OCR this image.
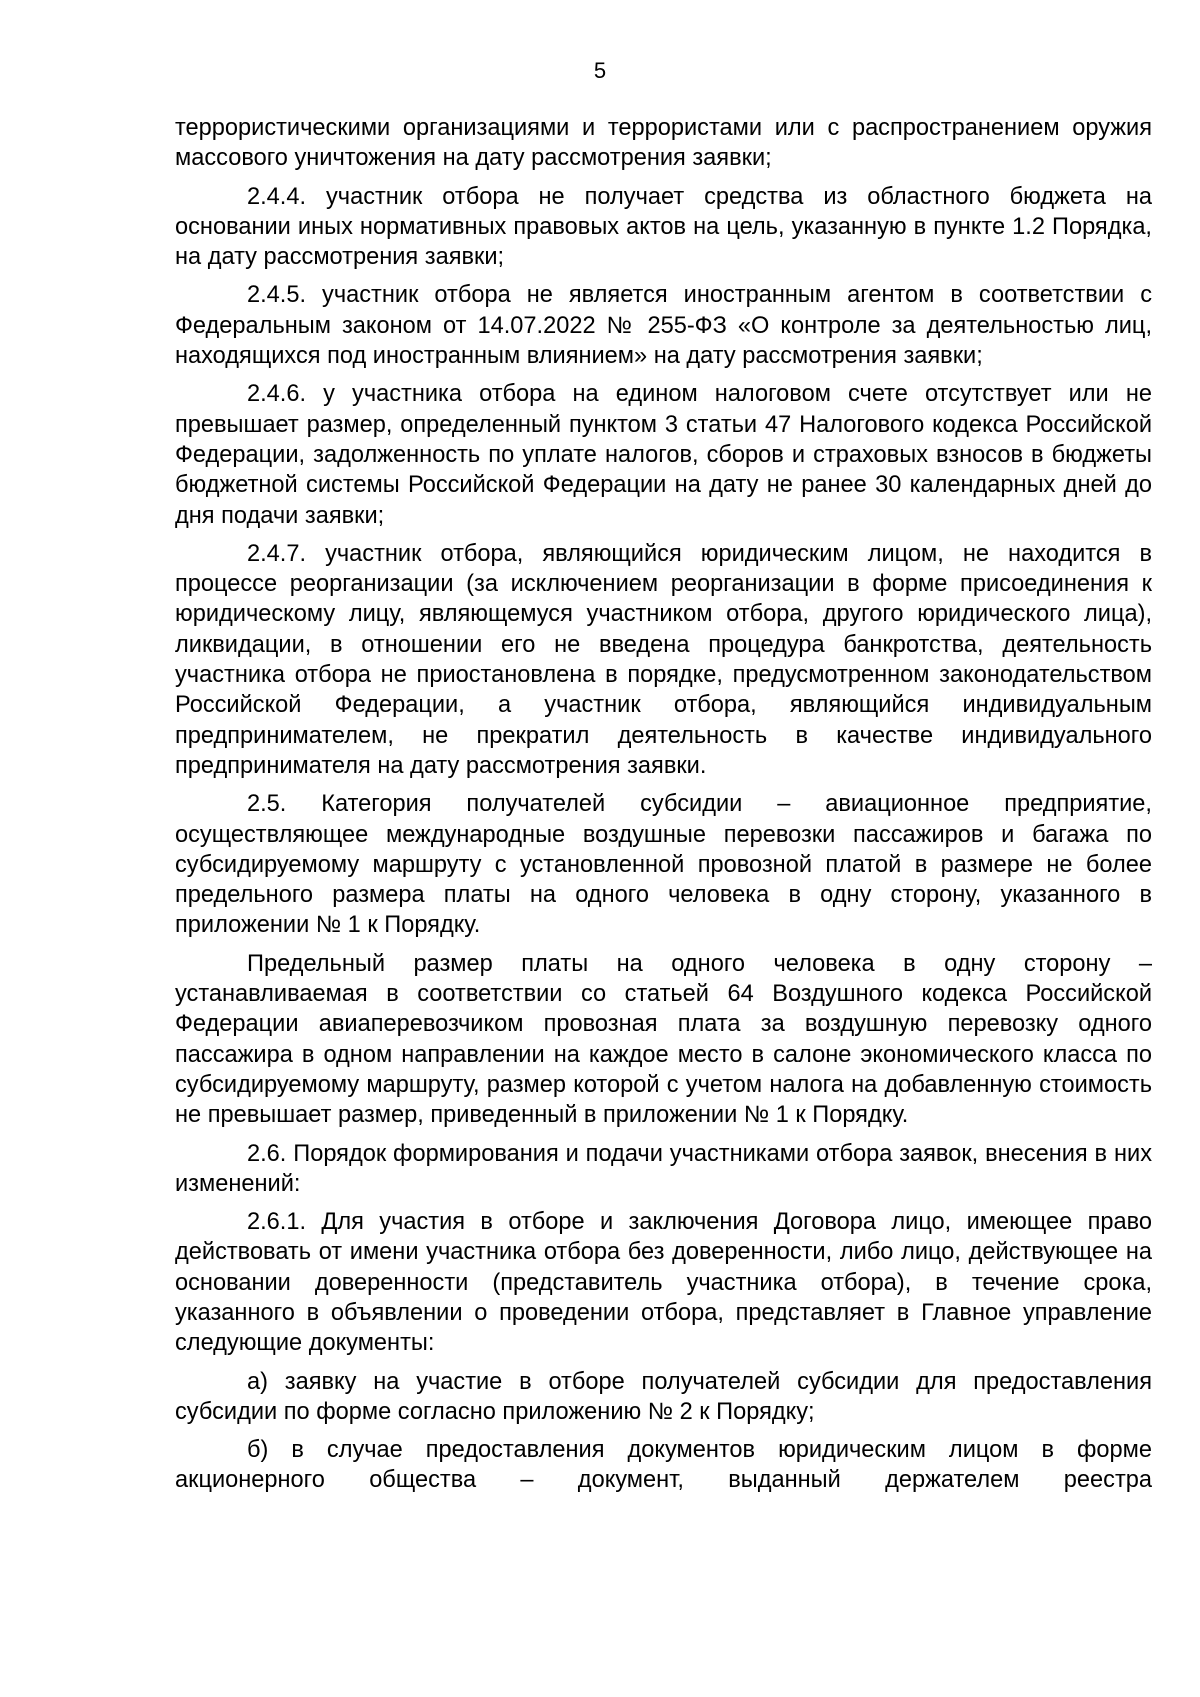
5

террористическими организациями и террористами или с распространением оружия массового уничтожения на дату рассмотрения заявки;

2.4.4. участник отбора не получает средства из областного бюджета на основании иных нормативных правовых актов на цель, указанную в пункте 1.2 Порядка, на дату рассмотрения заявки;

2.4.5. участник отбора не является иностранным агентом в соответствии с Федеральным законом от 14.07.2022 № 255-ФЗ «О контроле за деятельностью лиц, находящихся под иностранным влиянием» на дату рассмотрения заявки;

2.4.6. у участника отбора на едином налоговом счете отсутствует или не превышает размер, определенный пунктом 3 статьи 47 Налогового кодекса Российской Федерации, задолженность по уплате налогов, сборов и страховых взносов в бюджеты бюджетной системы Российской Федерации на дату не ранее 30 календарных дней до дня подачи заявки;

2.4.7. участник отбора, являющийся юридическим лицом, не находится в процессе реорганизации (за исключением реорганизации в форме присоединения к юридическому лицу, являющемуся участником отбора, другого юридического лица), ликвидации, в отношении его не введена процедура банкротства, деятельность участника отбора не приостановлена в порядке, предусмотренном законодательством Российской Федерации, а участник отбора, являющийся индивидуальным предпринимателем, не прекратил деятельность в качестве индивидуального предпринимателя на дату рассмотрения заявки.

2.5. Категория получателей субсидии – авиационное предприятие, осуществляющее международные воздушные перевозки пассажиров и багажа по субсидируемому маршруту с установленной провозной платой в размере не более предельного размера платы на одного человека в одну сторону, указанного в приложении № 1 к Порядку.

Предельный размер платы на одного человека в одну сторону – устанавливаемая в соответствии со статьей 64 Воздушного кодекса Российской Федерации авиаперевозчиком провозная плата за воздушную перевозку одного пассажира в одном направлении на каждое место в салоне экономического класса по субсидируемому маршруту, размер которой с учетом налога на добавленную стоимость не превышает размер, приведенный в приложении № 1 к Порядку.

2.6. Порядок формирования и подачи участниками отбора заявок, внесения в них изменений:

2.6.1. Для участия в отборе и заключения Договора лицо, имеющее право действовать от имени участника отбора без доверенности, либо лицо, действующее на основании доверенности (представитель участника отбора), в течение срока, указанного в объявлении о проведении отбора, представляет в Главное управление следующие документы:

а) заявку на участие в отборе получателей субсидии для предоставления субсидии по форме согласно приложению № 2 к Порядку;

б) в случае предоставления документов юридическим лицом в форме акционерного общества – документ, выданный держателем реестра
